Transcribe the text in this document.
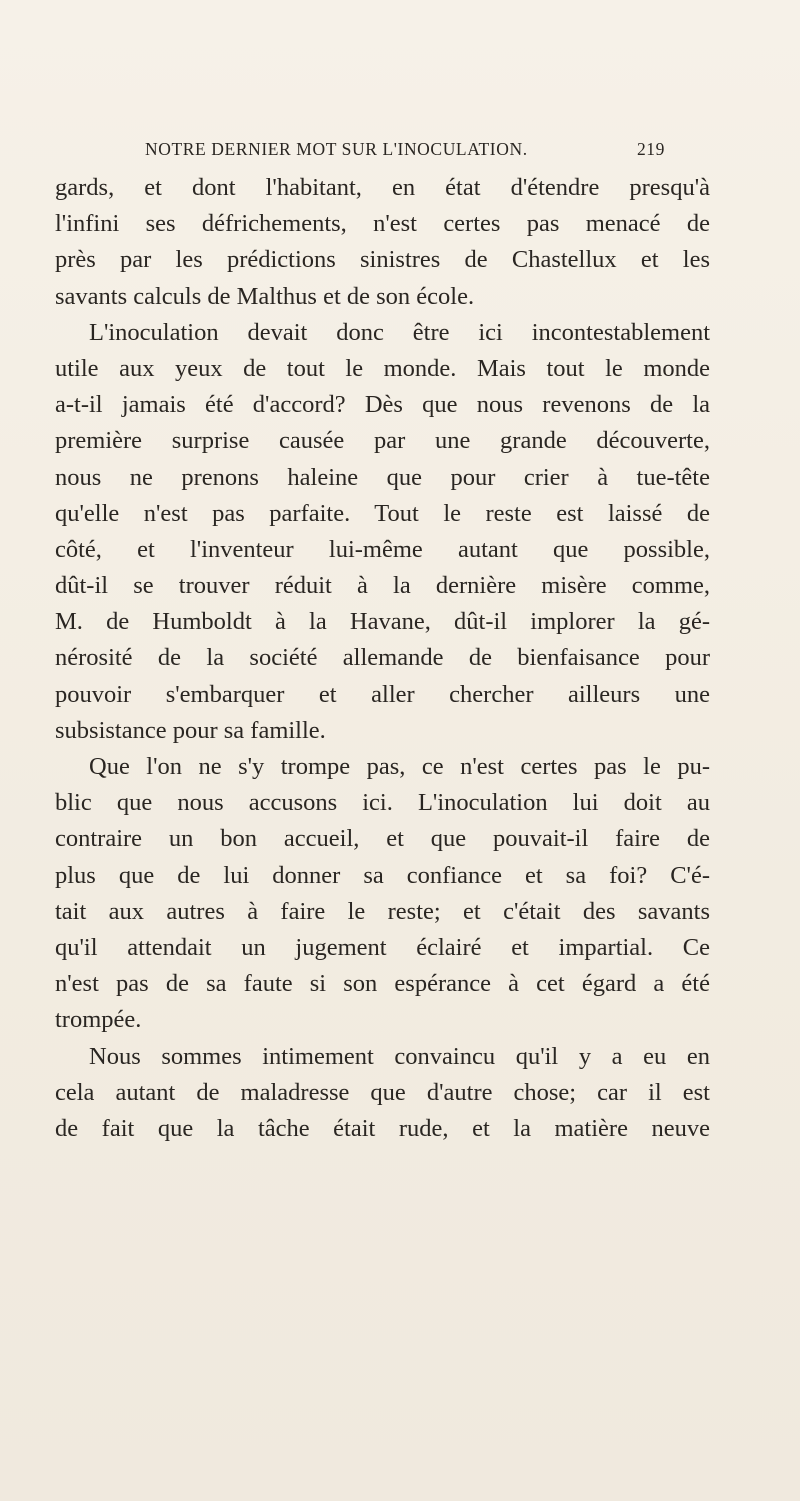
NOTRE DERNIER MOT SUR L'INOCULATION.	219
gards, et dont l'habitant, en état d'étendre presqu'à
l'infini ses défrichements, n'est certes pas menacé de
près par les prédictions sinistres de Chastellux et les
savants calculs de Malthus et de son école.
L'inoculation devait donc être ici incontestablement
utile aux yeux de tout le monde. Mais tout le monde
a-t-il jamais été d'accord? Dès que nous revenons de la
première surprise causée par une grande découverte,
nous ne prenons haleine que pour crier à tue-tête
qu'elle n'est pas parfaite. Tout le reste est laissé de
côté, et l'inventeur lui-même autant que possible,
dût-il se trouver réduit à la dernière misère comme,
M. de Humboldt à la Havane, dût-il implorer la gé-
nérosité de la société allemande de bienfaisance pour
pouvoir s'embarquer et aller chercher ailleurs une
subsistance pour sa famille.
Que l'on ne s'y trompe pas, ce n'est certes pas le pu-
blic que nous accusons ici. L'inoculation lui doit au
contraire un bon accueil, et que pouvait-il faire de
plus que de lui donner sa confiance et sa foi? C'é-
tait aux autres à faire le reste; et c'était des savants
qu'il attendait un jugement éclairé et impartial. Ce
n'est pas de sa faute si son espérance à cet égard a été
trompée.
Nous sommes intimement convaincu qu'il y a eu en
cela autant de maladresse que d'autre chose; car il est
de fait que la tâche était rude, et la matière neuve
